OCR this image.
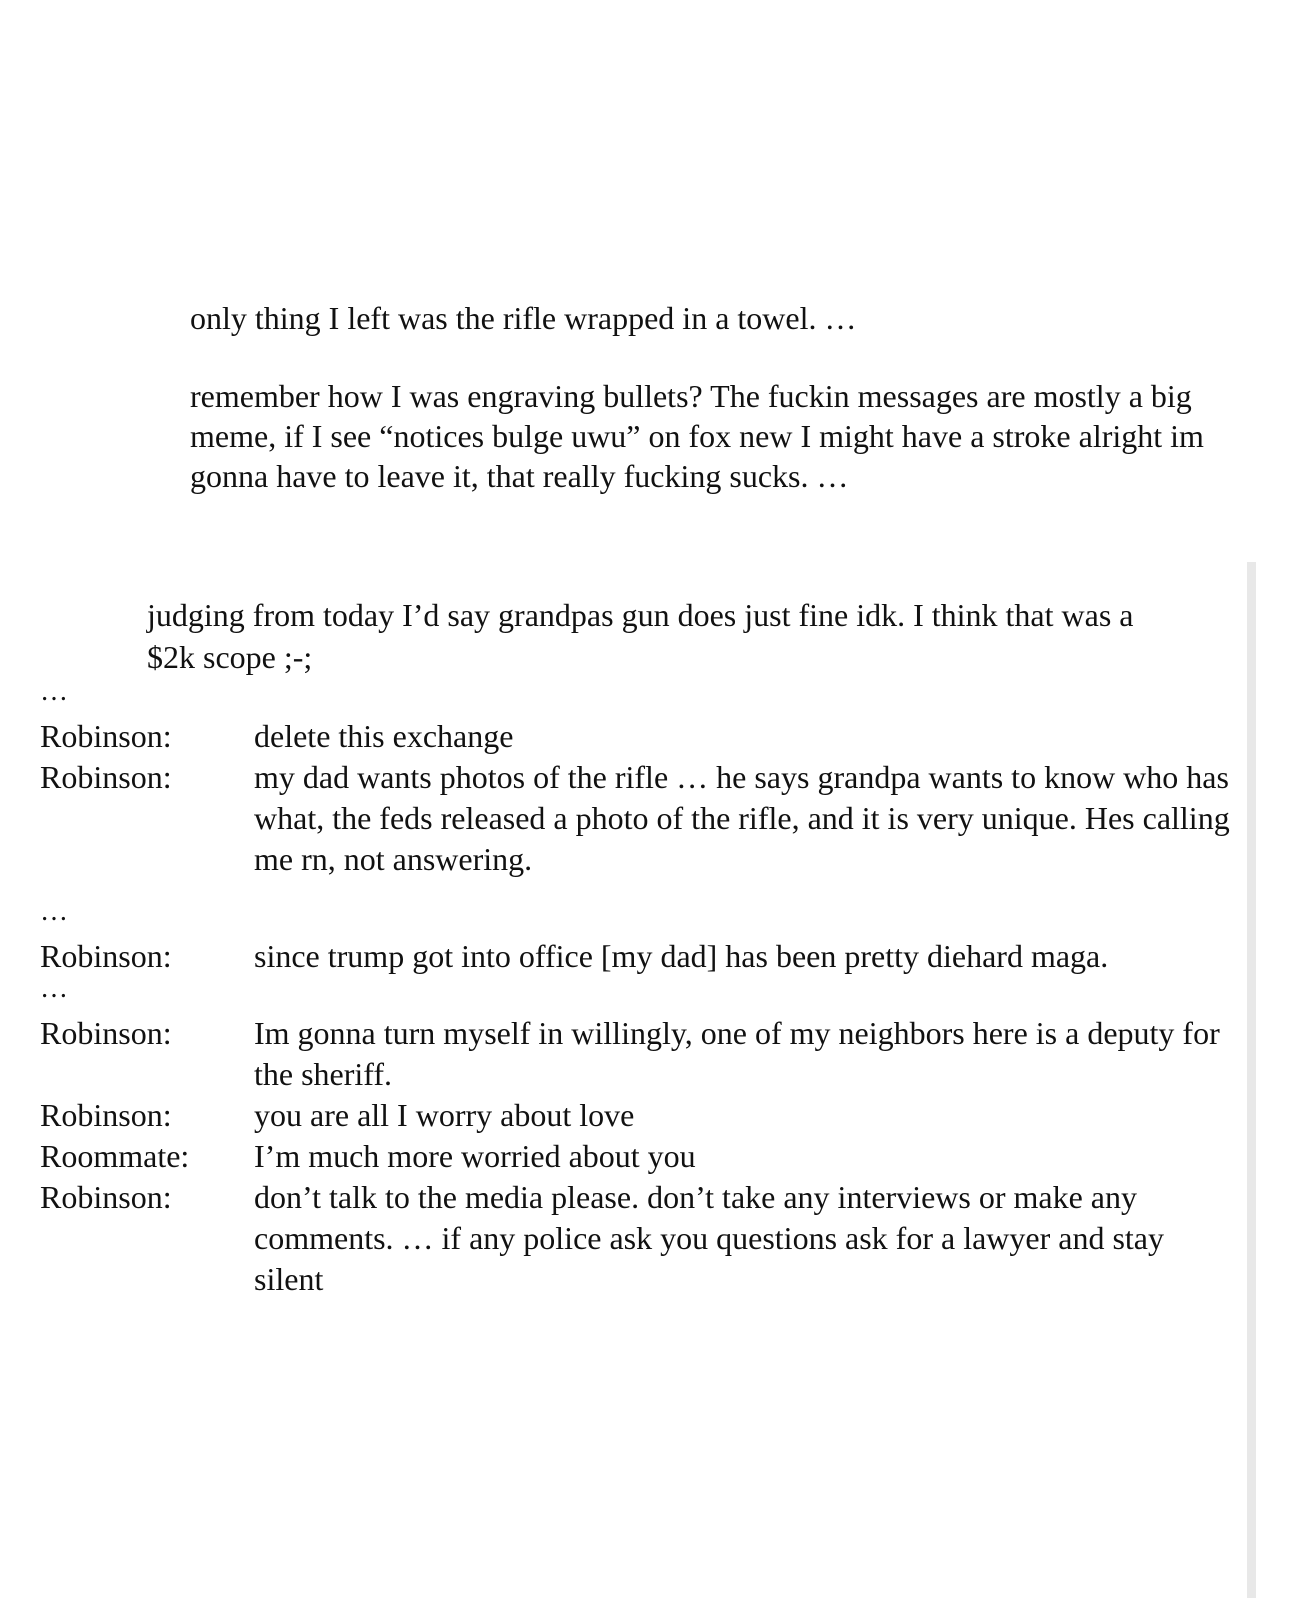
only thing I left was the rifle wrapped in a towel. …

remember how I was engraving bullets? The fuckin messages are mostly a big meme, if I see “notices bulge uwu” on fox new I might have a stroke alright im gonna have to leave it, that really fucking sucks. …

judging from today I’d say grandpas gun does just fine idk. I think that was a $2k scope ;-;

…
Robinson:	delete this exchange
Robinson:	my dad wants photos of the rifle … he says grandpa wants to know who has what, the feds released a photo of the rifle, and it is very unique. Hes calling me rn, not answering.
…
Robinson:	since trump got into office [my dad] has been pretty diehard maga.
…
Robinson:	Im gonna turn myself in willingly, one of my neighbors here is a deputy for the sheriff.
Robinson:	you are all I worry about love
Roommate:	I’m much more worried about you
Robinson:	don’t talk to the media please. don’t take any interviews or make any comments. … if any police ask you questions ask for a lawyer and stay silent
